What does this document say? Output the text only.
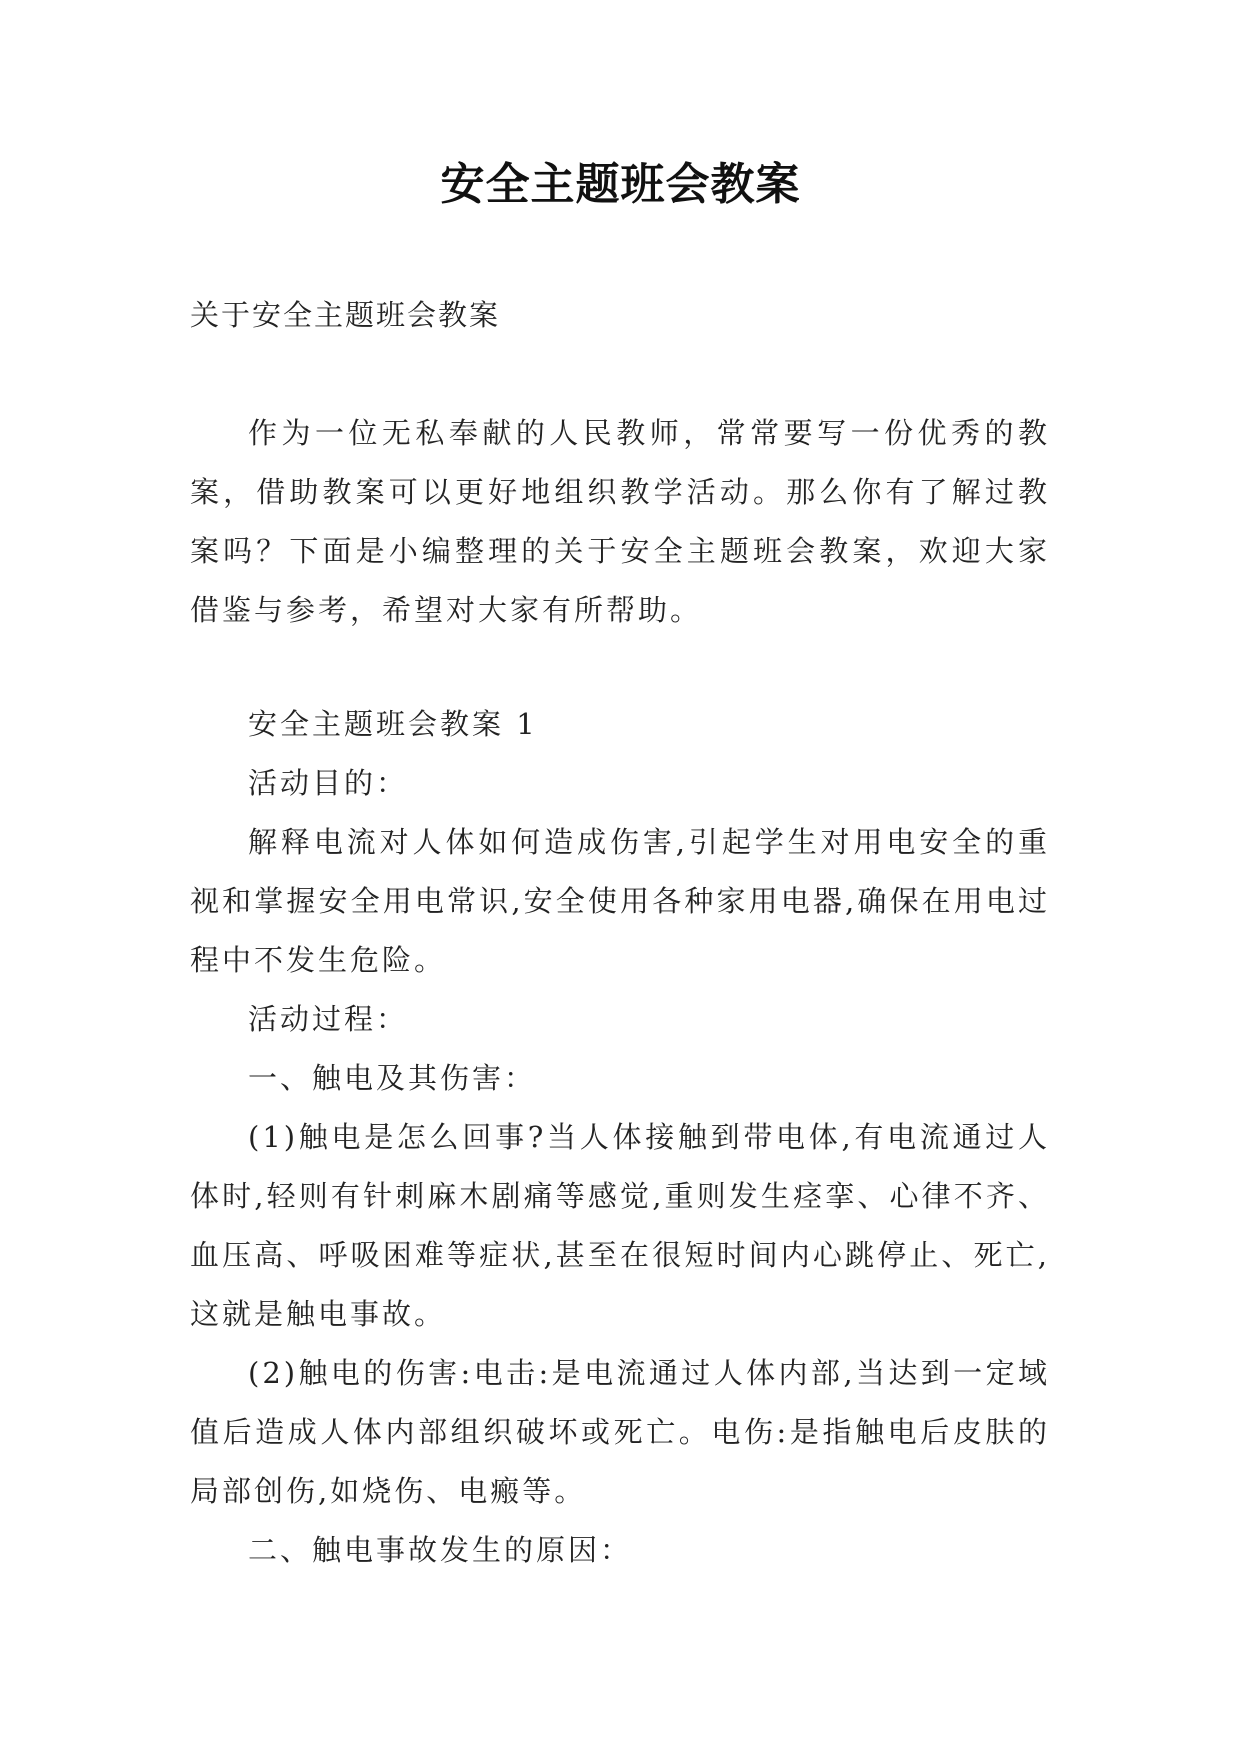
安全主题班会教案

关于安全主题班会教案

作为一位无私奉献的人民教师，常常要写一份优秀的教案，借助教案可以更好地组织教学活动。那么你有了解过教案吗？下面是小编整理的关于安全主题班会教案，欢迎大家借鉴与参考，希望对大家有所帮助。

安全主题班会教案 1

活动目的：

解释电流对人体如何造成伤害,引起学生对用电安全的重视和掌握安全用电常识,安全使用各种家用电器,确保在用电过程中不发生危险。

活动过程：

一、触电及其伤害：

(1)触电是怎么回事?当人体接触到带电体,有电流通过人体时,轻则有针刺麻木剧痛等感觉,重则发生痉挛、心律不齐、血压高、呼吸困难等症状,甚至在很短时间内心跳停止、死亡,这就是触电事故。

(2)触电的伤害:电击:是电流通过人体内部,当达到一定域值后造成人体内部组织破坏或死亡。电伤:是指触电后皮肤的局部创伤,如烧伤、电瘢等。

二、触电事故发生的原因：
